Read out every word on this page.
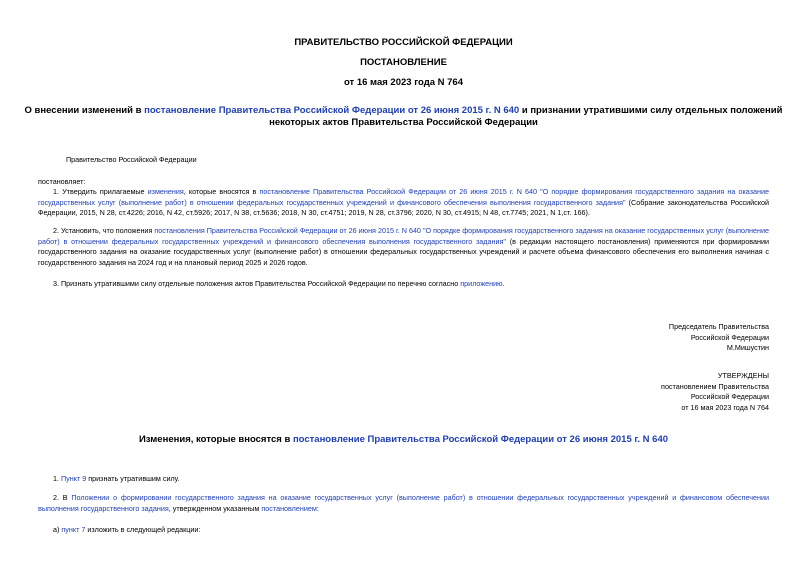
ПРАВИТЕЛЬСТВО РОССИЙСКОЙ ФЕДЕРАЦИИ
ПОСТАНОВЛЕНИЕ
от 16 мая 2023 года N 764
О внесении изменений в постановление Правительства Российской Федерации от 26 июня 2015 г. N 640 и признании утратившими силу отдельных положений
некоторых актов Правительства Российской Федерации
Правительство Российской Федерации
постановляет:
1. Утвердить прилагаемые изменения, которые вносятся в постановление Правительства Российской Федерации от 26 июня 2015 г. N 640 "О порядке формирования государственного задания на оказание государственных услуг (выполнение работ) в отношении федеральных государственных учреждений и финансового обеспечения выполнения государственного задания" (Собрание законодательства Российской Федерации, 2015, N 28, ст.4226; 2016, N 42, ст.5926; 2017, N 38, ст.5636; 2018, N 30, ст.4751; 2019, N 28, ст.3796; 2020, N 30, ст.4915; N 48, ст.7745; 2021, N 1,ст. 166).
2. Установить, что положения постановления Правительства Российской Федерации от 26 июня 2015 г. N 640 "О порядке формирования государственного задания на оказание государственных услуг (выполнение работ) в отношении федеральных государственных учреждений и финансового обеспечения выполнения государственного задания" (в редакции настоящего постановления) применяются при формировании государственного задания на оказание государственных услуг (выполнение работ) в отношении федеральных государственных учреждений и расчете объема финансового обеспечения его выполнения начиная с государственного задания на 2024 год и на плановый период 2025 и 2026 годов.
3. Признать утратившими силу отдельные положения актов Правительства Российской Федерации по перечню согласно приложению.
Председатель Правительства
Российской Федерации
М.Мишустин
УТВЕРЖДЕНЫ
постановлением Правительства
Российской Федерации
от 16 мая 2023 года N 764
Изменения, которые вносятся в постановление Правительства Российской Федерации от 26 июня 2015 г. N 640
1. Пункт 9 признать утратившим силу.
2. В Положении о формировании государственного задания на оказание государственных услуг (выполнение работ) в отношении федеральных государственных учреждений и финансовом обеспечении выполнения государственного задания, утвержденном указанным постановлением:
а) пункт 7 изложить в следующей редакции:
